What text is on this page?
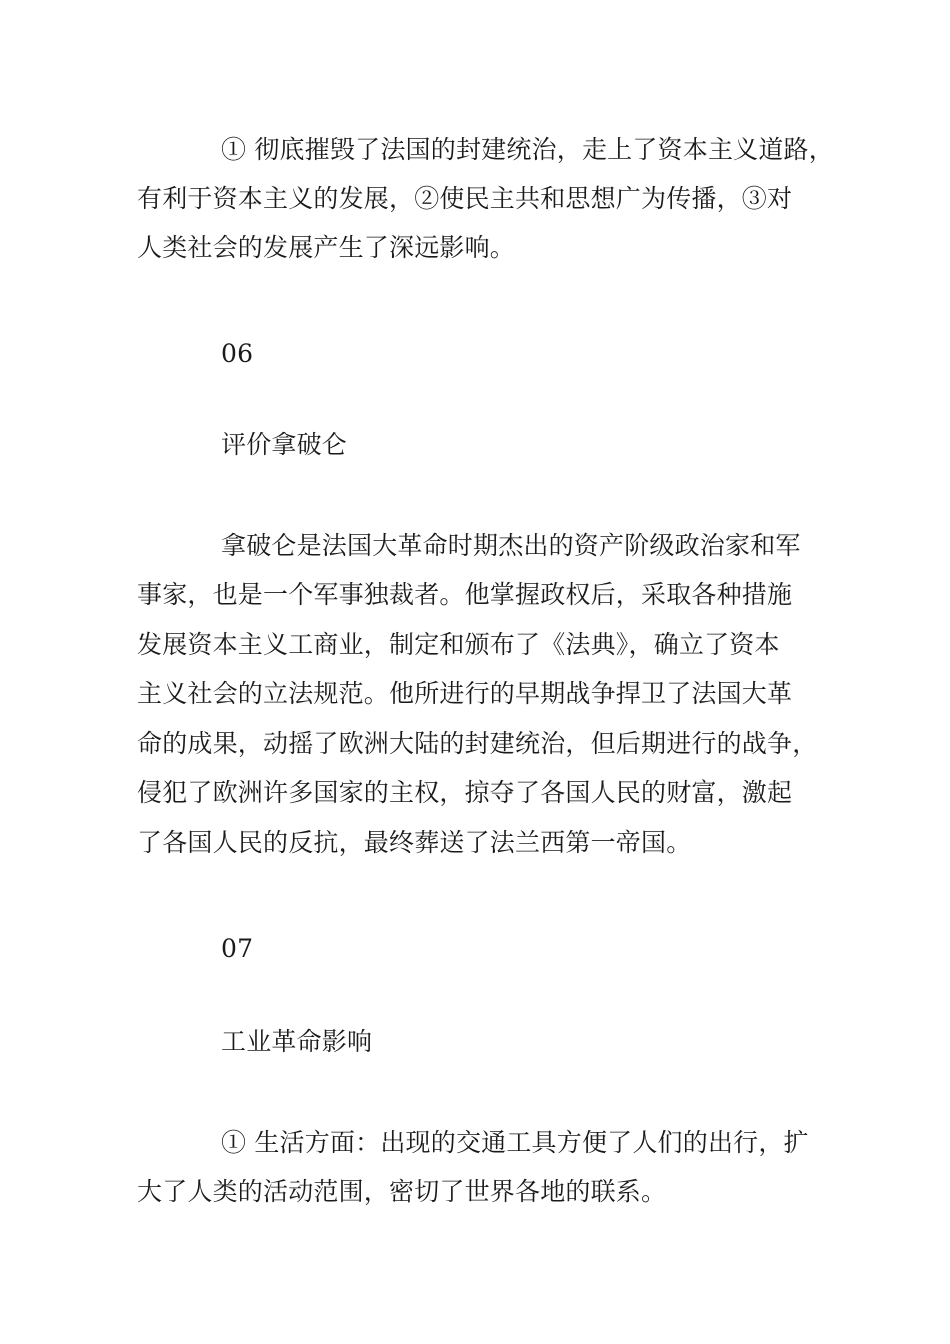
① 彻底摧毁了法国的封建统治，走上了资本主义道路，
有利于资本主义的发展，②使民主共和思想广为传播，③对
人类社会的发展产生了深远影响。
06
评价拿破仑
拿破仑是法国大革命时期杰出的资产阶级政治家和军
事家，也是一个军事独裁者。他掌握政权后，采取各种措施
发展资本主义工商业，制定和颁布了《法典》，确立了资本
主义社会的立法规范。他所进行的早期战争捍卫了法国大革
命的成果，动摇了欧洲大陆的封建统治，但后期进行的战争，
侵犯了欧洲许多国家的主权，掠夺了各国人民的财富，激起
了各国人民的反抗，最终葬送了法兰西第一帝国。
07
工业革命影响
① 生活方面：出现的交通工具方便了人们的出行，扩
大了人类的活动范围，密切了世界各地的联系。
